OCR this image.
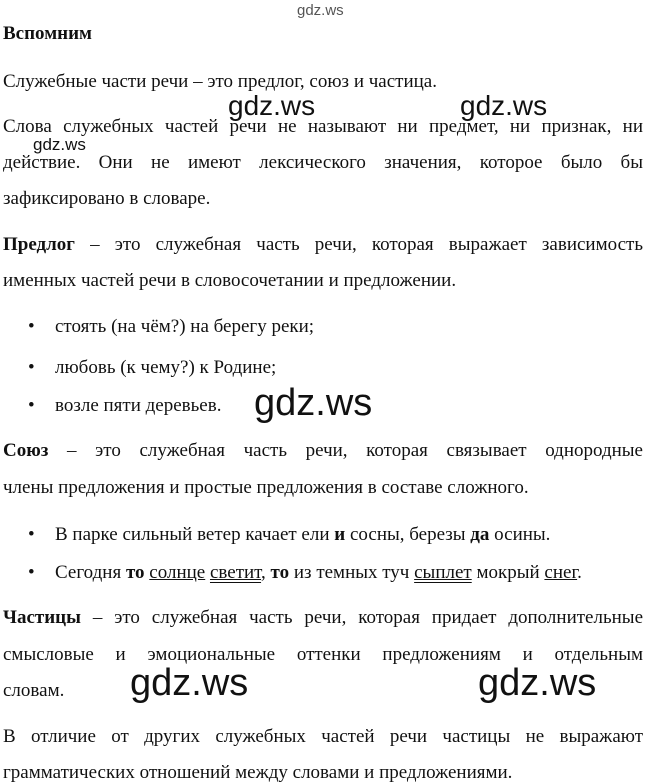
gdz.ws
gdz.ws	gdz.ws
gdz.ws
gdz.ws
gdz.ws	gdz.ws
Вспомним
Служебные части речи – это предлог, союз и частица.
Слова служебных частей речи не называют ни предмет, ни признак, ни
действие. Они не имеют лексического значения, которое было бы
зафиксировано в словаре.
Предлог – это служебная часть речи, которая выражает зависимость
именных частей речи в словосочетании и предложении.
• стоять (на чём?) на берегу реки;
• любовь (к чему?) к Родине;
• возле пяти деревьев.
Союз – это служебная часть речи, которая связывает однородные
члены предложения и простые предложения в составе сложного.
• В парке сильный ветер качает ели и сосны, березы да осины.
• Сегодня то солнце светит, то из темных туч сыплет мокрый снег.
Частицы – это служебная часть речи, которая придает дополнительные
смысловые и эмоциональные оттенки предложениям и отдельным
словам.
В отличие от других служебных частей речи частицы не выражают
грамматических отношений между словами и предложениями.
